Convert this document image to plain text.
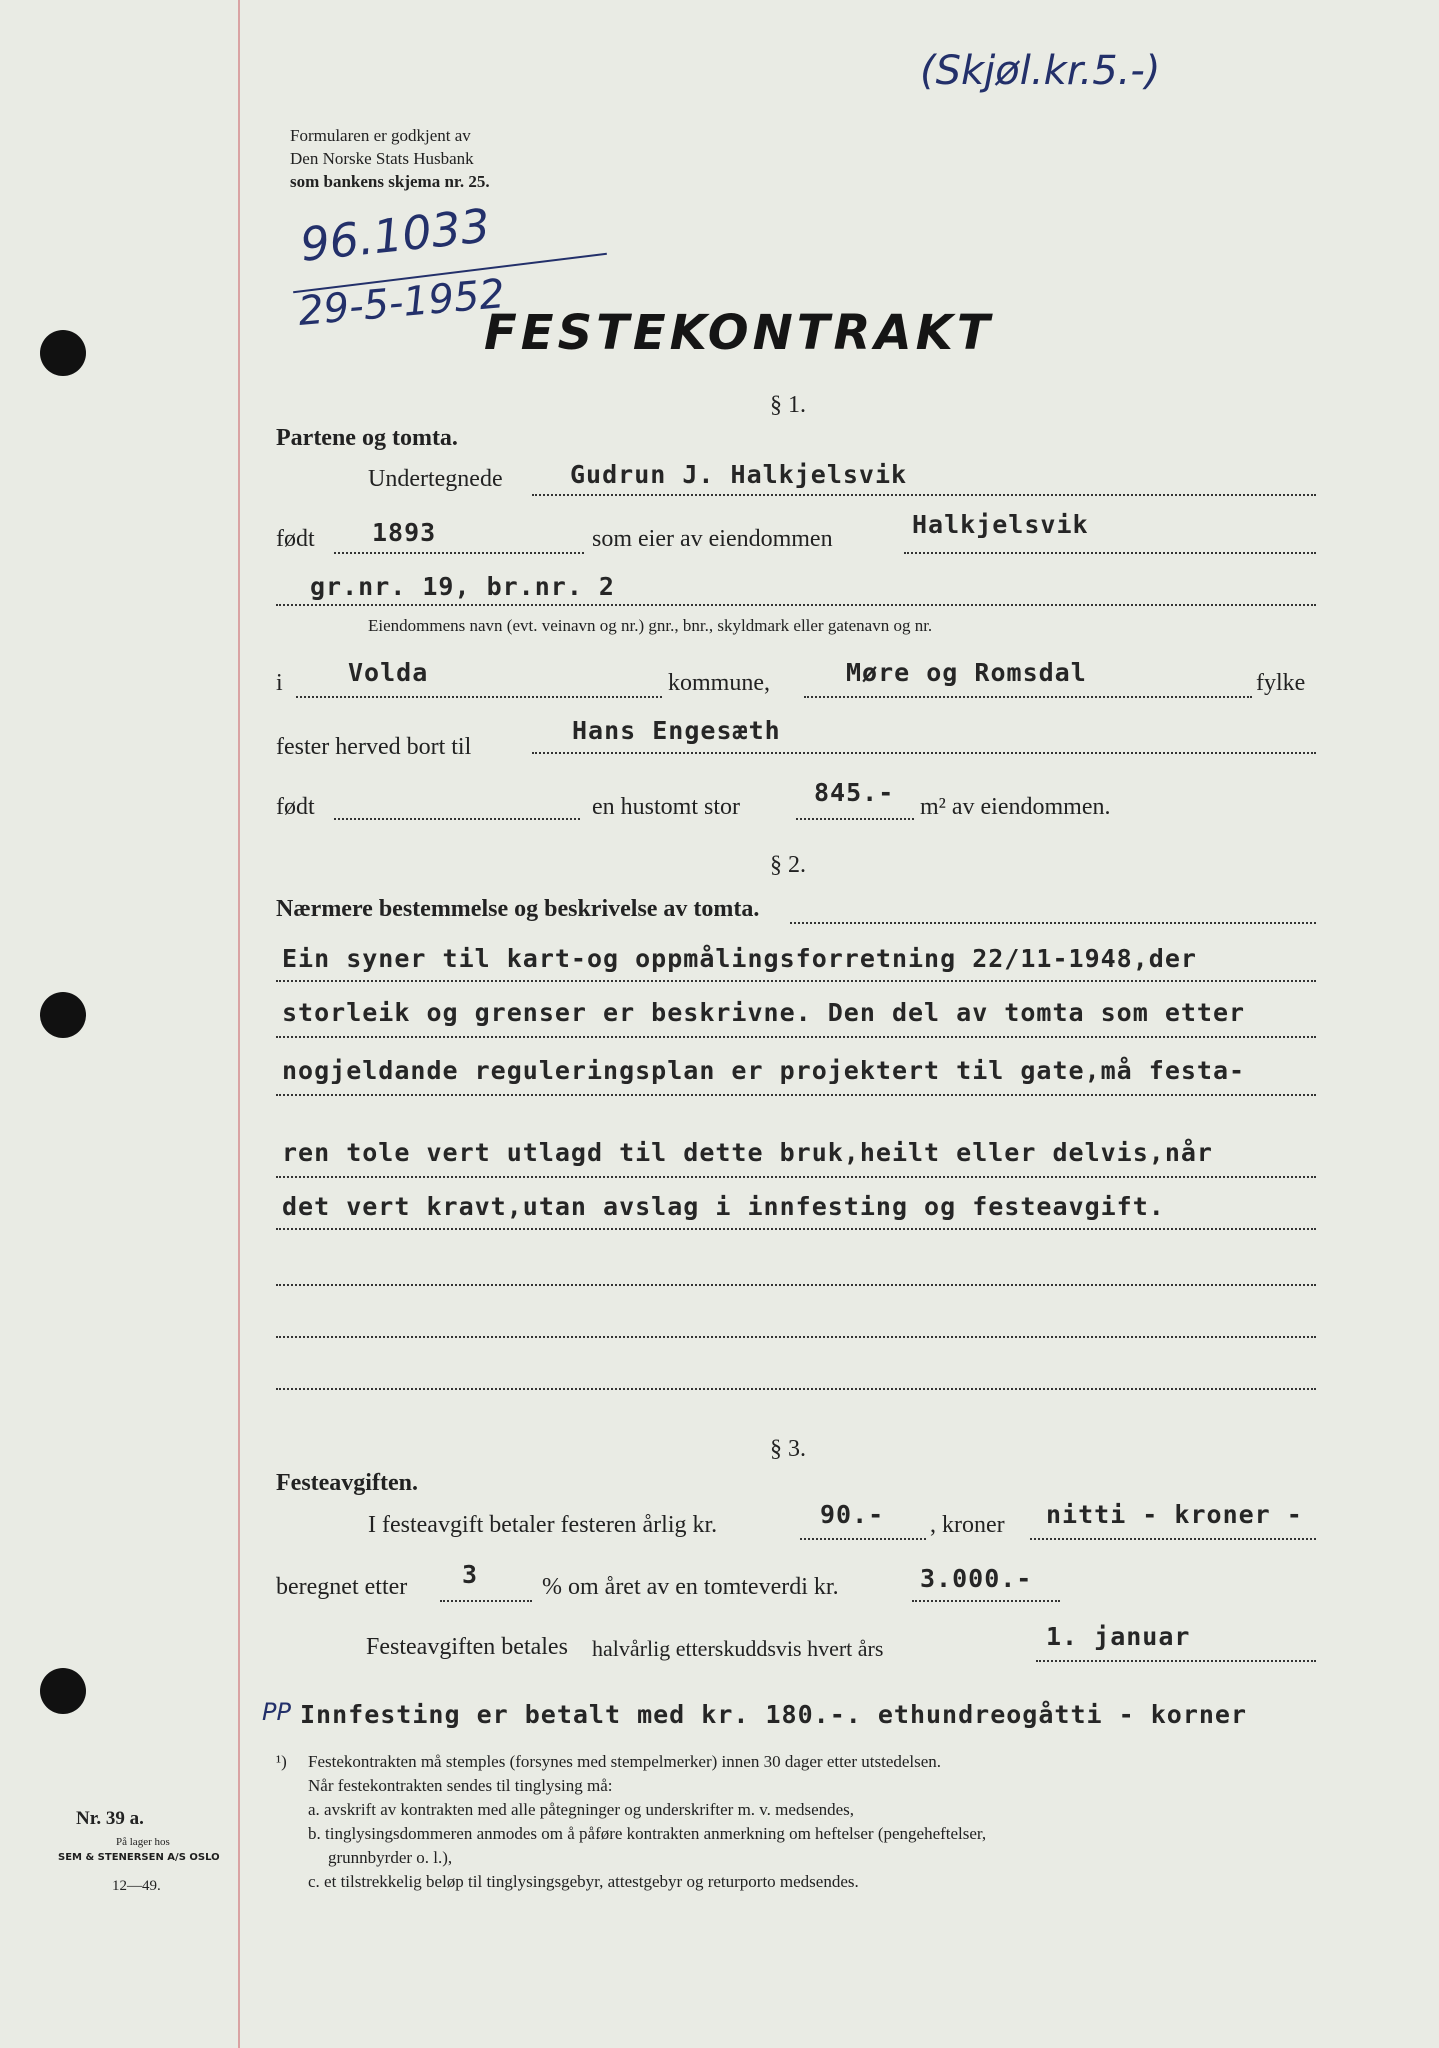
(Skjøl.kr.5.-)
Formularen er godkjent av
Den Norske Stats Husbank
som bankens skjema nr. 25.
96.1033
29-5-1952
FESTEKONTRAKT
§ 1.
Partene og tomta.
Undertegnede	Gudrun J. Halkjelsvik
født 1893	som eier av eiendommen	Halkjelsvik
gr.nr. 19, br.nr. 2
Eiendommens navn (evt. veinavn og nr.) gnr., bnr., skyldmark eller gatenavn og nr.
i	Volda	kommune,	Møre og Romsdal	fylke
fester herved bort til
Hans Engesæth
født	en hustomt stor	845.- m² av eiendommen.
§ 2.
Nærmere bestemmelse og beskrivelse av tomta.
Ein syner til kart-og oppmålingsforretning 22/11-1948,der
storleik og grenser er beskrivne. Den del av tomta som etter
nogjeldande reguleringsplan er projektert til gate,må festa-
ren tole vert utlagd til dette bruk,heilt eller delvis,når
det vert kravt,utan avslag i innfesting og festeavgift.
§ 3.
Festeavgiften.
I festeavgift betaler festeren årlig kr.	90.- , kroner nitti - kroner -
beregnet etter 3	% om året av en tomteverdi kr.	3.000.-
Festeavgiften betales halvårlig etterskuddsvis hvert års	1. januar
PP Innfesting er betalt med kr. 180.-. ethundreogåtti - korner
¹) Festekontrakten må stemples (forsynes med stempelmerker) innen 30 dager etter utstedelsen.
Når festekontrakten sendes til tinglysing må:
a. avskrift av kontrakten med alle påtegninger og underskrifter m. v. medsendes,
b. tinglysingsdommeren anmodes om å påføre kontrakten anmerkning om heftelser (pengeheftelser,
grunnbyrder o. l.),
c. et tilstrekkelig beløp til tinglysingsgebyr, attestgebyr og returporto medsendes.
Nr. 39 a.
På lager hos
SEM & STENERSEN A/S OSLO
12—49.
